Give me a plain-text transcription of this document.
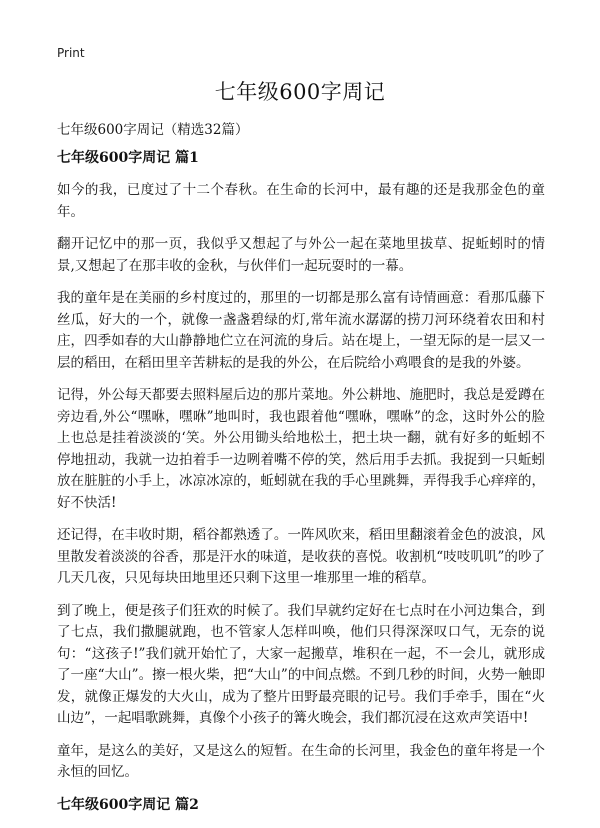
Print
七年级600字周记

七年级600字周记（精选32篇）

七年级600字周记 篇1

如今的我，已度过了十二个春秋。在生命的长河中，最有趣的还是我那金色的童年。

翻开记忆中的那一页，我似乎又想起了与外公一起在菜地里拔草、捉蚯蚓时的情景,又想起了在那丰收的金秋，与伙伴们一起玩耍时的一幕。

我的童年是在美丽的乡村度过的，那里的一切都是那么富有诗情画意：看那瓜藤下丝瓜，好大的一个，就像一盏盏碧绿的灯,常年流水潺潺的捞刀河环绕着农田和村庄，四季如春的大山静静地伫立在河流的身后。站在堤上，一望无际的是一层又一层的稻田，在稻田里辛苦耕耘的是我的外公，在后院给小鸡喂食的是我的外婆。

记得，外公每天都要去照料屋后边的那片菜地。外公耕地、施肥时，我总是爱蹲在旁边看,外公“嘿咻，嘿咻”地叫时，我也跟着他“嘿咻，嘿咻”的念，这时外公的脸上也总是挂着淡淡的‘笑。外公用锄头给地松土，把土块一翻，就有好多的蚯蚓不停地扭动，我就一边拍着手一边咧着嘴不停的笑，然后用手去抓。我捉到一只蚯蚓放在脏脏的小手上，冰凉冰凉的，蚯蚓就在我的手心里跳舞，弄得我手心痒痒的，好不快活!

还记得，在丰收时期，稻谷都熟透了。一阵风吹来，稻田里翻滚着金色的波浪，风里散发着淡淡的谷香，那是汗水的味道，是收获的喜悦。收割机“吱吱叽叽”的吵了几天几夜，只见每块田地里还只剩下这里一堆那里一堆的稻草。

到了晚上，便是孩子们狂欢的时候了。我们早就约定好在七点时在小河边集合，到了七点，我们撒腿就跑，也不管家人怎样叫唤，他们只得深深叹口气，无奈的说句：“这孩子!”我们就开始忙了，大家一起搬草，堆积在一起，不一会儿，就形成了一座“大山”。擦一根火柴，把“大山”的中间点燃。不到几秒的时间，火势一触即发，就像正爆发的大火山，成为了整片田野最亮眼的记号。我们手牵手，围在“火山边”，一起唱歌跳舞，真像个小孩子的篝火晚会，我们都沉浸在这欢声笑语中!

童年，是这么的美好，又是这么的短暂。在生命的长河里，我金色的童年将是一个永恒的回忆。

七年级600字周记 篇2
